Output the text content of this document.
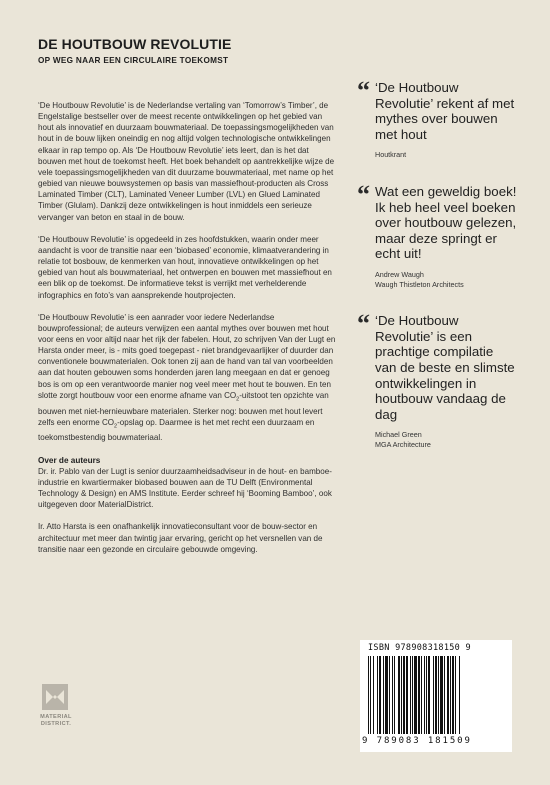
DE HOUTBOUW REVOLUTIE
OP WEG NAAR EEN CIRCULAIRE TOEKOMST

‘De Houtbouw Revolutie’ is de Nederlandse vertaling van ‘Tomorrow’s Timber’, de Engelstalige bestseller over de meest recente ontwikkelingen op het gebied van hout als innovatief en duurzaam bouwmateriaal. De toepassingsmogelijkheden van hout in de bouw lijken oneindig en nog altijd volgen technologische ontwikkelingen elkaar in rap tempo op. Als ‘De Houtbouw Revolutie’ iets leert, dan is het dat bouwen met hout de toekomst heeft. Het boek behandelt op aantrekkelijke wijze de vele toepassingsmogelijkheden van dit duurzame bouwmateriaal, met name op het gebied van nieuwe bouwsystemen op basis van massiefhout-producten als Cross Laminated Timber (CLT), Laminated Veneer Lumber (LVL) en Glued Laminated Timber (Glulam). Dankzij deze ontwikkelingen is hout inmiddels een serieuze vervanger van beton en staal in de bouw.

‘De Houtbouw Revolutie’ is opgedeeld in zes hoofdstukken, waarin onder meer aandacht is voor de transitie naar een ‘biobased’ economie, klimaatverandering in relatie tot bosbouw, de kenmerken van hout, innovatieve ontwikkelingen op het gebied van hout als bouwmateriaal, het ontwerpen en bouwen met massiefhout en een blik op de toekomst. De informatieve tekst is verrijkt met verhelderende infographics en foto’s van aansprekende houtprojecten.

‘De Houtbouw Revolutie’ is een aanrader voor iedere Nederlandse bouwprofessional; de auteurs verwijzen een aantal mythes over bouwen met hout voor eens en voor altijd naar het rijk der fabelen. Hout, zo schrijven Van der Lugt en Harsta onder meer, is - mits goed toegepast - niet brandgevaarlijker of duurder dan conventionele bouwmaterialen. Ook tonen zij aan de hand van tal van voorbeelden aan dat houten gebouwen soms honderden jaren lang meegaan en dat er genoeg bos is om op een verantwoorde manier nog veel meer met hout te bouwen. En ten slotte zorgt houtbouw voor een enorme afname van $CO_2$-uitstoot ten opzichte van bouwen met niet-hernieuwbare materialen. Sterker nog: bouwen met hout levert zelfs een enorme $CO_2$-opslag op. Daarmee is het met recht een duurzaam en toekomstbestendig bouwmateriaal.

Over de auteurs

Dr. ir. Pablo van der Lugt is senior duurzaamheidsadviseur in de hout- en bamboe-industrie en kwartiermaker biobased bouwen aan de TU Delft (Environmental Technology & Design) en AMS Institute. Eerder schreef hij ‘Booming Bamboo’, ook uitgegeven door MaterialDistrict.

Ir. Atto Harsta is een onafhankelijk innovatieconsultant voor de bouw-sector en architectuur met meer dan twintig jaar ervaring, gericht op het versnellen van de transitie naar een gezonde en circulaire gebouwde omgeving.

“ ‘De Houtbouw Revolutie’ rekent af met mythes over bouwen met hout
Houtkrant
“ Wat een geweldig boek! Ik heb heel veel boeken over houtbouw gelezen, maar deze springt er echt uit!
Andrew Waugh
Waugh Thistleton Architects
“ ‘De Houtbouw Revolutie’ is een prachtige compilatie van de beste en slimste ontwikkelingen in houtbouw vandaag de dag
Michael Green
MGA Architecture
MATERIAL
DISTRICT.
ISBN 978908318150 9
9 789083 181509
